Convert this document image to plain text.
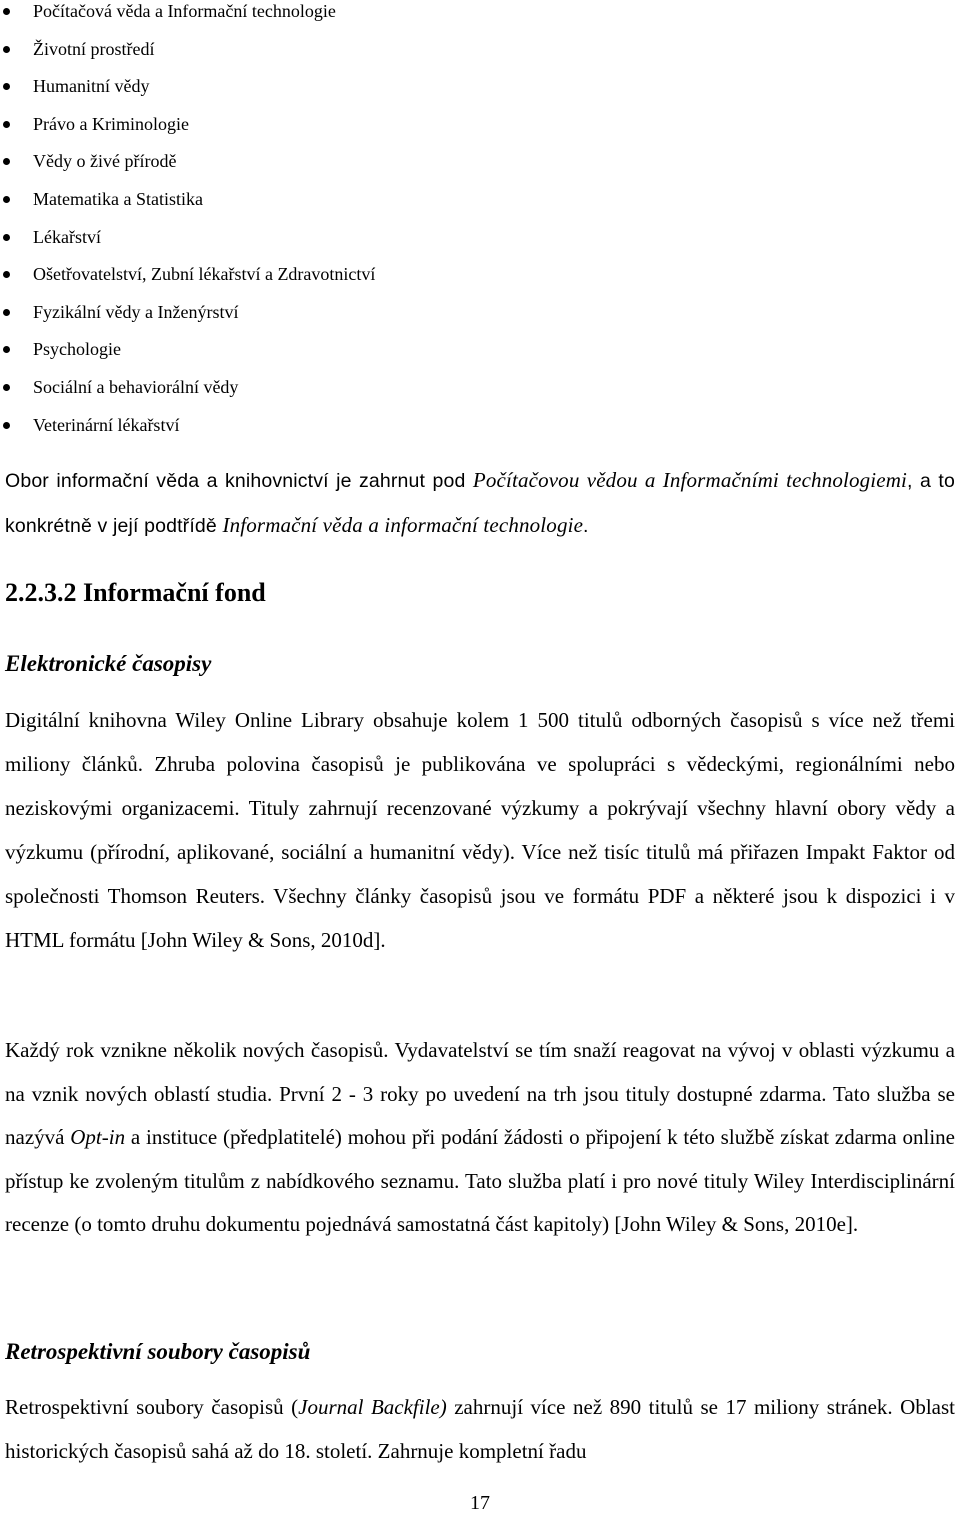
Počítačová věda a Informační technologie
Životní prostředí
Humanitní vědy
Právo a Kriminologie
Vědy o živé přírodě
Matematika a Statistika
Lékařství
Ošetřovatelství, Zubní lékařství a Zdravotnictví
Fyzikální vědy a Inženýrství
Psychologie
Sociální a behaviorální vědy
Veterinární lékařství

Obor informační věda a knihovnictví je zahrnut pod Počítačovou vědou a Informačními technologiemi, a to konkrétně v její podtřídě Informační věda a informační technologie.

2.2.3.2 Informační fond
Elektronické časopisy

Digitální knihovna Wiley Online Library obsahuje kolem 1 500 titulů odborných časopisů s více než třemi miliony článků. Zhruba polovina časopisů je publikována ve spolupráci s vědeckými, regionálními nebo neziskovými organizacemi. Tituly zahrnují recenzované výzkumy a pokrývají všechny hlavní obory vědy a výzkumu (přírodní, aplikované, sociální a humanitní vědy). Více než tisíc titulů má přiřazen Impakt Faktor od společnosti Thomson Reuters. Všechny články časopisů jsou ve formátu PDF a některé jsou k dispozici i v HTML formátu [John Wiley & Sons, 2010d].

Každý rok vznikne několik nových časopisů. Vydavatelství se tím snaží reagovat na vývoj v oblasti výzkumu a na vznik nových oblastí studia. První 2 - 3 roky po uvedení na trh jsou tituly dostupné zdarma. Tato služba se nazývá Opt-in a instituce (předplatitelé) mohou při podání žádosti o připojení k této službě získat zdarma online přístup ke zvoleným titulům z nabídkového seznamu. Tato služba platí i pro nové tituly Wiley Interdisciplinární recenze (o tomto druhu dokumentu pojednává samostatná část kapitoly) [John Wiley & Sons, 2010e].

Retrospektivní soubory časopisů

Retrospektivní soubory časopisů (Journal Backfile) zahrnují více než 890 titulů se 17 miliony stránek. Oblast historických časopisů sahá až do 18. století. Zahrnuje kompletní řadu

17
